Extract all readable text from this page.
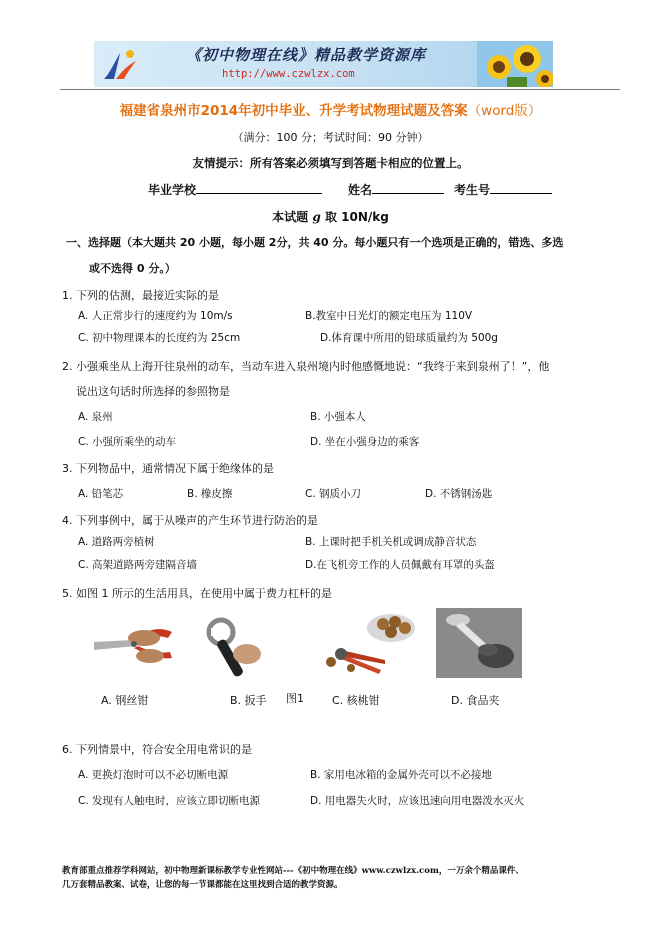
《初中物理在线》精品教学资源库
http://www.czwlzx.com
福建省泉州市2014年初中毕业、升学考试物理试题及答案（word版）
（满分：100 分；考试时间：90 分钟）
友情提示：所有答案必须填写到答题卡相应的位置上。
毕业学校	姓名	考生号
本试题 g 取 10N/kg
一、选择题（本大题共 20 小题，每小题 2分，共 40 分。每小题只有一个选项是正确的，错选、多选
或不选得 0 分。）
1. 下列的估测，最接近实际的是
A. 人正常步行的速度约为 10m/s	B.教室中日光灯的额定电压为 110V
C. 初中物理课本的长度约为 25cm	D.体育课中所用的铅球质量约为 500g
2. 小强乘坐从上海开往泉州的动车，当动车进入泉州境内时他感慨地说：“我终于来到泉州了！”，他
说出这句话时所选择的参照物是
A. 泉州	B. 小强本人
C. 小强所乘坐的动车	D. 坐在小强身边的乘客
3. 下列物品中，通常情况下属于绝缘体的是
A. 铅笔芯	B. 橡皮擦	C. 钢质小刀	D. 不锈钢汤匙
4. 下列事例中，属于从噪声的产生环节进行防治的是
A. 道路两旁植树	B. 上课时把手机关机或调成静音状态
C. 高架道路两旁建隔音墙	D.在飞机旁工作的人员佩戴有耳罩的头盔
5. 如图 1 所示的生活用具，在使用中属于费力杠杆的是
A. 钢丝钳	B. 扳手 图1	C. 核桃钳	D. 食品夹
6. 下列情景中，符合安全用电常识的是
A. 更换灯泡时可以不必切断电源	B. 家用电冰箱的金属外壳可以不必接地
C. 发现有人触电时，应该立即切断电源	D. 用电器失火时，应该迅速向用电器泼水灭火
教育部重点推荐学科网站，初中物理新课标教学专业性网站---《初中物理在线》www.czwlzx.com，一万余个精品课件、
几万套精品教案、试卷，让您的每一节课都能在这里找到合适的教学资源。
